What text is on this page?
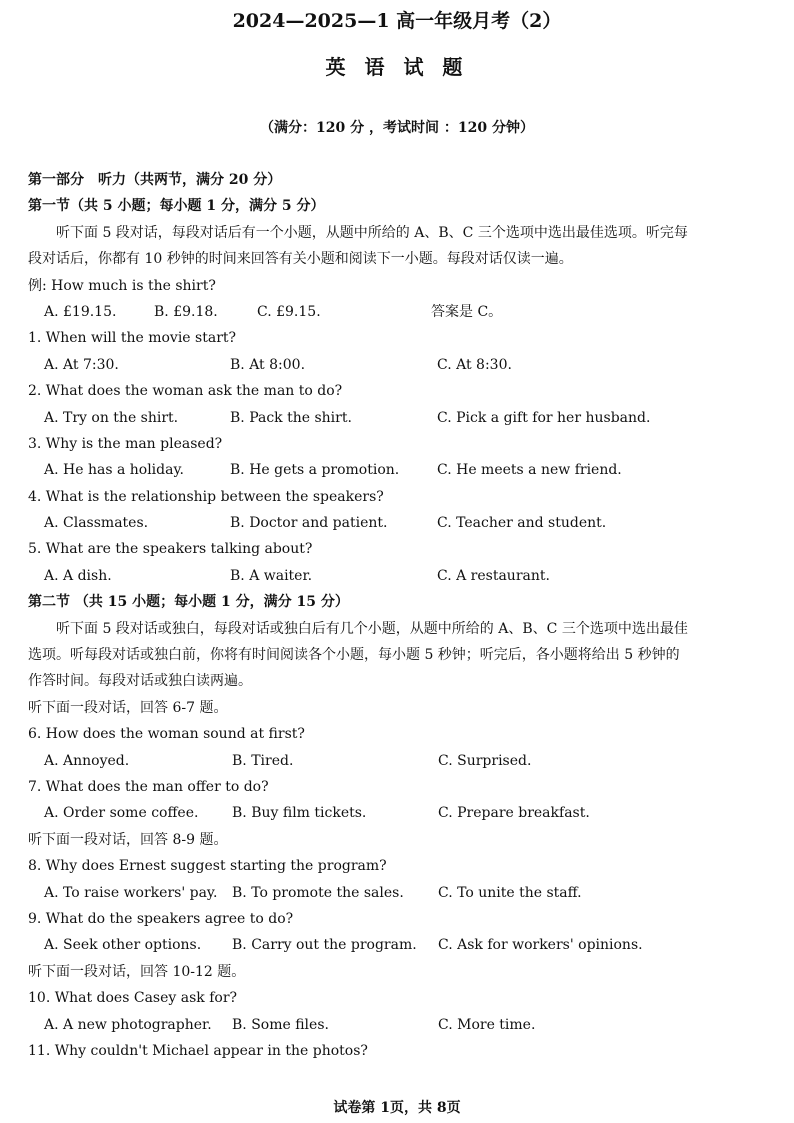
2024—2025—1 高一年级月考（2）
英 语 试 题
（满分：120 分 ，考试时间 ：120 分钟）
第一部分　听力（共两节，满分 20 分）
第一节（共 5 小题；每小题 1 分，满分 5 分）
　　听下面 5 段对话，每段对话后有一个小题，从题中所给的 A、B、C 三个选项中选出最佳选项。听完每
段对话后，你都有 10 秒钟的时间来回答有关小题和阅读下一小题。每段对话仅读一遍。
例: How much is the shirt?
A. £19.15.	B. £9.18.	C. £9.15.	答案是 C。
1. When will the movie start?
A. At 7:30.	B. At 8:00.	C. At 8:30.
2. What does the woman ask the man to do?
A. Try on the shirt.	B. Pack the shirt.	C. Pick a gift for her husband.
3. Why is the man pleased?
A. He has a holiday.	B. He gets a promotion.	C. He meets a new friend.
4. What is the relationship between the speakers?
A. Classmates.	B. Doctor and patient.	C. Teacher and student.
5. What are the speakers talking about?
A. A dish.	B. A waiter.	C. A restaurant.
第二节 （共 15 小题；每小题 1 分，满分 15 分）
　　听下面 5 段对话或独白，每段对话或独白后有几个小题，从题中所给的 A、B、C 三个选项中选出最佳
选项。听每段对话或独白前，你将有时间阅读各个小题，每小题 5 秒钟；听完后，各小题将给出 5 秒钟的
作答时间。每段对话或独白读两遍。
听下面一段对话，回答 6-7 题。
6. How does the woman sound at first?
A. Annoyed.	B. Tired.	C. Surprised.
7. What does the man offer to do?
A. Order some coffee. B. Buy film tickets.	C. Prepare breakfast.
听下面一段对话，回答 8-9 题。
8. Why does Ernest suggest starting the program?
A. To raise workers' pay. B. To promote the sales. C. To unite the staff.
9. What do the speakers agree to do?
A. Seek other options. B. Carry out the program. C. Ask for workers' opinions.
听下面一段对话，回答 10-12 题。
10. What does Casey ask for?
A. A new photographer. B. Some files.	C. More time.
11. Why couldn't Michael appear in the photos?
试卷第 1页，共 8页
